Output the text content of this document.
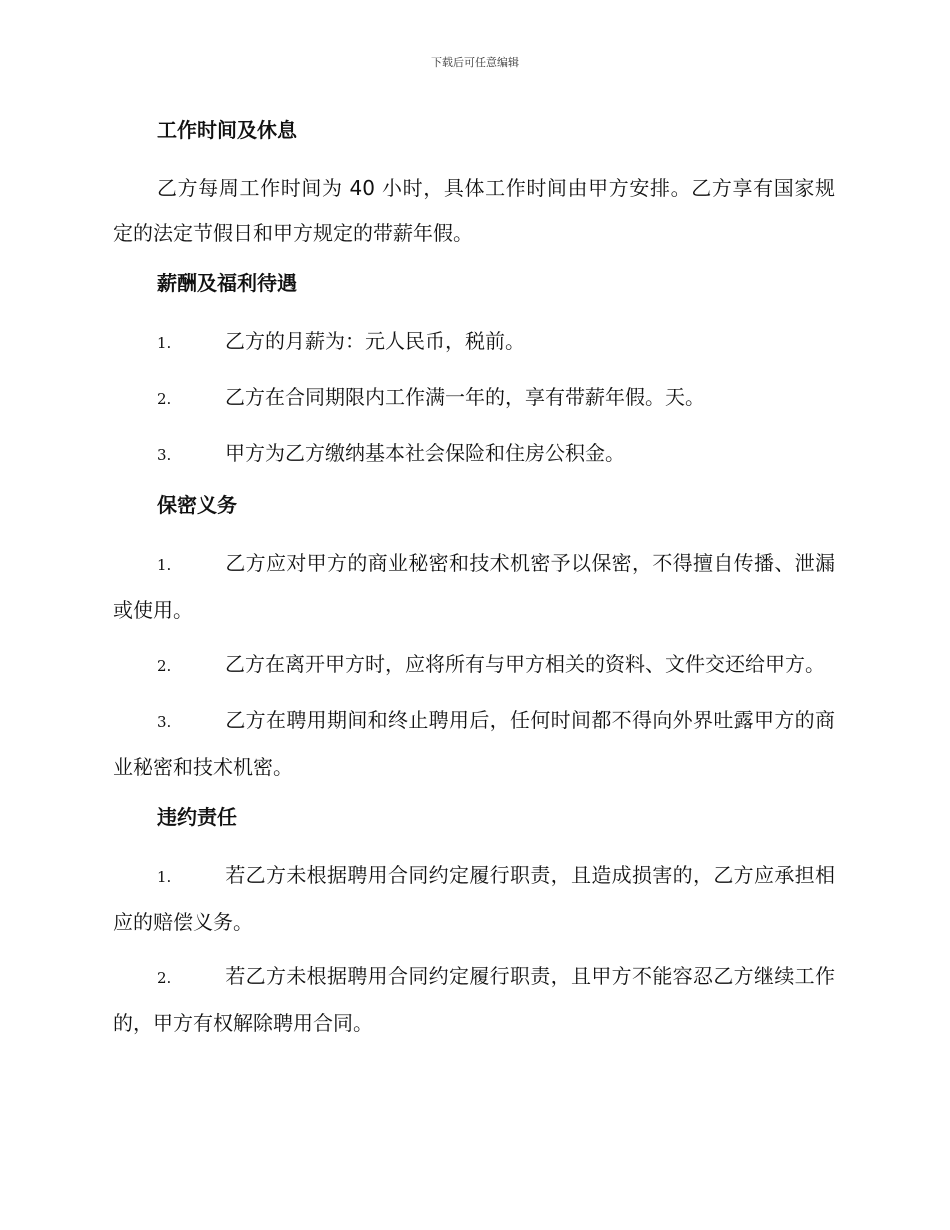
下载后可任意编辑
工作时间及休息

乙方每周工作时间为 40 小时，具体工作时间由甲方安排。乙方享有国家规定的法定节假日和甲方规定的带薪年假。

薪酬及福利待遇

1.	乙方的月薪为：元人民币，税前。

2.	乙方在合同期限内工作满一年的，享有带薪年假。天。

3.	甲方为乙方缴纳基本社会保险和住房公积金。

保密义务

1.	乙方应对甲方的商业秘密和技术机密予以保密，不得擅自传播、泄漏或使用。

2.	乙方在离开甲方时，应将所有与甲方相关的资料、文件交还给甲方。

3.	乙方在聘用期间和终止聘用后，任何时间都不得向外界吐露甲方的商业秘密和技术机密。

违约责任

1.	若乙方未根据聘用合同约定履行职责，且造成损害的，乙方应承担相应的赔偿义务。

2.	若乙方未根据聘用合同约定履行职责，且甲方不能容忍乙方继续工作的，甲方有权解除聘用合同。
